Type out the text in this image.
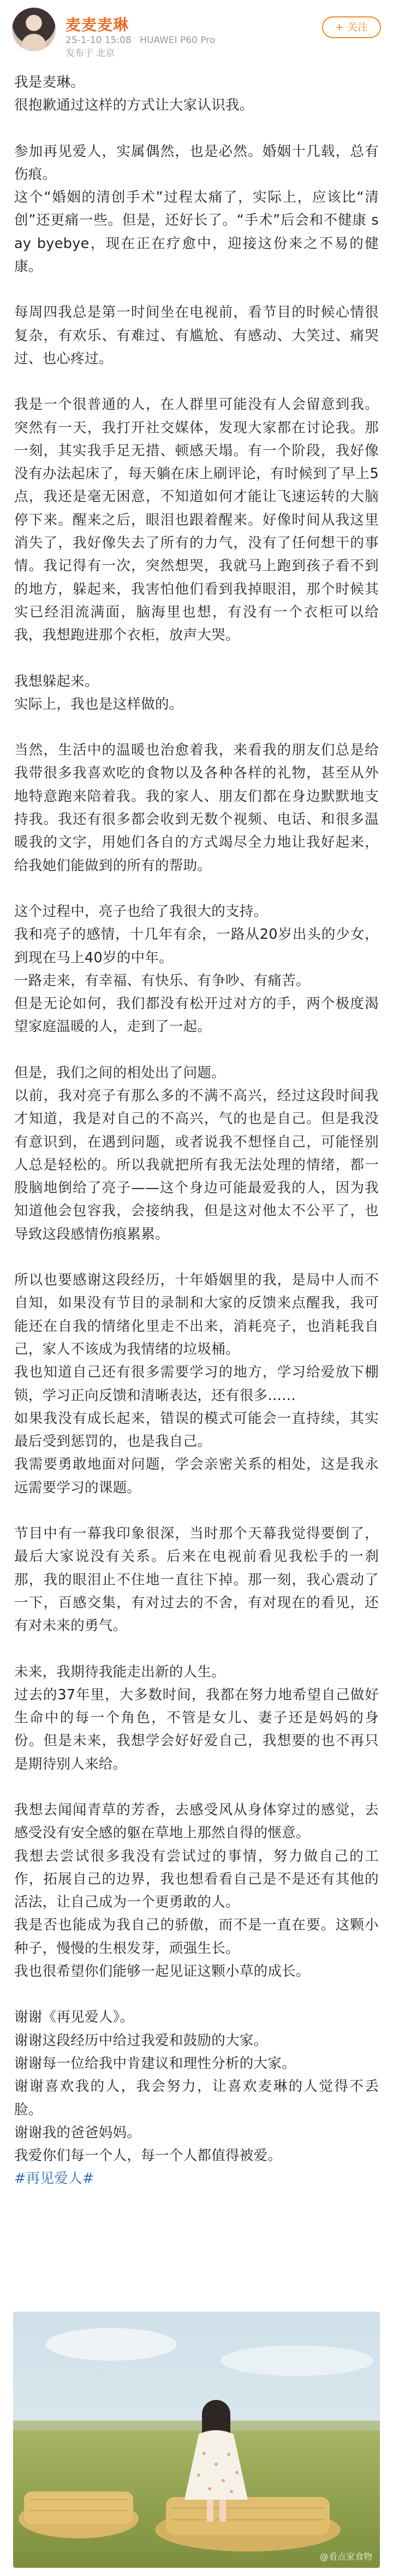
麦麦麦琳
25-1-10 15:08 HUAWEI P60 Pro
发布于 北京
+ 关注

我是麦琳。
很抱歉通过这样的方式让大家认识我。

参加再见爱人，实属偶然，也是必然。婚姻十几载，总有伤痕。
这个“婚姻的清创手术”过程太痛了，实际上，应该比“清创”还更痛一些。但是，还好长了。“手术”后会和不健康 say byebye，现在正在疗愈中，迎接这份来之不易的健康。

每周四我总是第一时间坐在电视前，看节目的时候心情很复杂，有欢乐、有难过、有尴尬、有感动、大笑过、痛哭过、也心疼过。

我是一个很普通的人，在人群里可能没有人会留意到我。突然有一天，我打开社交媒体，发现大家都在讨论我。那一刻，其实我手足无措、顿感天塌。有一个阶段，我好像没有办法起床了，每天躺在床上刷评论，有时候到了早上5点，我还是毫无困意，不知道如何才能让飞速运转的大脑停下来。醒来之后，眼泪也跟着醒来。好像时间从我这里消失了，我好像失去了所有的力气，没有了任何想干的事情。我记得有一次，突然想哭，我就马上跑到孩子看不到的地方，躲起来，我害怕他们看到我掉眼泪，那个时候其实已经泪流满面，脑海里也想，有没有一个衣柜可以给我，我想跑进那个衣柜，放声大哭。

我想躲起来。
实际上，我也是这样做的。

当然，生活中的温暖也治愈着我，来看我的朋友们总是给我带很多我喜欢吃的食物以及各种各样的礼物，甚至从外地特意跑来陪着我。我的家人、朋友们都在身边默默地支持我。我还有很多都会收到无数个视频、电话、和很多温暖我的文字，用她们各自的方式竭尽全力地让我好起来，给我她们能做到的所有的帮助。

这个过程中，亮子也给了我很大的支持。
我和亮子的感情，十几年有余，一路从20岁出头的少女，到现在马上40岁的中年。
一路走来，有幸福、有快乐、有争吵、有痛苦。
但是无论如何，我们都没有松开过对方的手，两个极度渴望家庭温暖的人，走到了一起。

但是，我们之间的相处出了问题。
以前，我对亮子有那么多的不满不高兴，经过这段时间我才知道，我是对自己的不高兴，气的也是自己。但是我没有意识到，在遇到问题，或者说我不想怪自己，可能怪别人总是轻松的。所以我就把所有我无法处理的情绪，都一股脑地倒给了亮子——这个身边可能最爱我的人，因为我知道他会包容我，会接纳我，但是这对他太不公平了，也导致这段感情伤痕累累。

所以也要感谢这段经历，十年婚姻里的我，是局中人而不自知，如果没有节目的录制和大家的反馈来点醒我，我可能还在自我的情绪化里走不出来，消耗亮子，也消耗我自己，家人不该成为我情绪的垃圾桶。
我也知道自己还有很多需要学习的地方，学习给爱放下棚锁，学习正向反馈和清晰表达，还有很多……
如果我没有成长起来，错误的模式可能会一直持续，其实最后受到惩罚的，也是我自己。
我需要勇敢地面对问题，学会亲密关系的相处，这是我永远需要学习的课题。

节目中有一幕我印象很深，当时那个天幕我觉得要倒了，最后大家说没有关系。后来在电视前看见我松手的一刹那，我的眼泪止不住地一直往下掉。那一刻，我心震动了一下，百感交集，有对过去的不舍，有对现在的看见，还有对未来的勇气。

未来，我期待我能走出新的人生。
过去的37年里，大多数时间，我都在努力地希望自己做好生命中的每一个角色，不管是女儿、妻子还是妈妈的身份。但是未来，我想学会好好爱自己，我想要的也不再只是期待别人来给。

我想去闻闻青草的芳香，去感受风从身体穿过的感觉，去感受没有安全感的躯在草地上那然自得的惬意。
我想去尝试很多我没有尝试过的事情，努力做自己的工作，拓展自己的边界，我也想看看自己是不是还有其他的活法，让自己成为一个更勇敢的人。
我是否也能成为我自己的骄傲，而不是一直在要。这颗小种子，慢慢的生根发芽，顽强生长。
我也很希望你们能够一起见证这颗小草的成长。

谢谢《再见爱人》。
谢谢这段经历中给过我爱和鼓励的大家。
谢谢每一位给我中肯建议和理性分析的大家。
谢谢喜欢我的人，我会努力，让喜欢麦琳的人觉得不丢脸。
谢谢我的爸爸妈妈。
我爱你们每一个人，每一个人都值得被爱。
#再见爱人#

@看点家食物
